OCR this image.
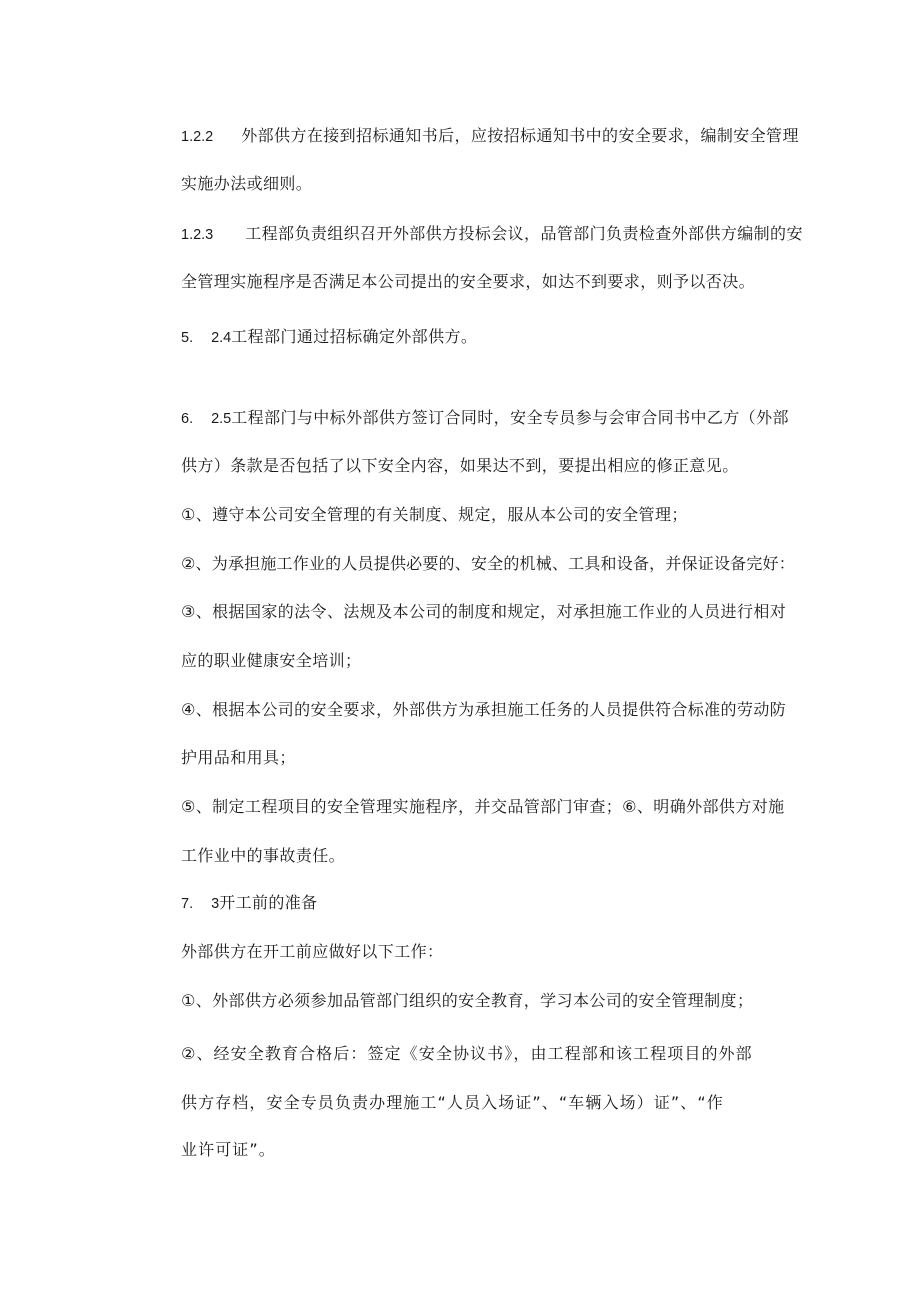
1.2.2 外部供方在接到招标通知书后，应按招标通知书中的安全要求，编制安全管理
实施办法或细则。
1.2.3 工程部负责组织召开外部供方投标会议，品管部门负责检查外部供方编制的安
全管理实施程序是否满足本公司提出的安全要求，如达不到要求，则予以否决。
5. 2.4工程部门通过招标确定外部供方。
6. 2.5工程部门与中标外部供方签订合同时，安全专员参与会审合同书中乙方（外部
供方）条款是否包括了以下安全内容，如果达不到，要提出相应的修正意见。
①、遵守本公司安全管理的有关制度、规定，服从本公司的安全管理；
②、为承担施工作业的人员提供必要的、安全的机械、工具和设备，并保证设备完好：
③、根据国家的法令、法规及本公司的制度和规定，对承担施工作业的人员进行相对
应的职业健康安全培训；
④、根据本公司的安全要求，外部供方为承担施工任务的人员提供符合标准的劳动防
护用品和用具；
⑤、制定工程项目的安全管理实施程序，并交品管部门审查；⑥、明确外部供方对施
工作业中的事故责任。
7. 3开工前的准备
外部供方在开工前应做好以下工作：
①、外部供方必须参加品管部门组织的安全教育，学习本公司的安全管理制度；
②、经安全教育合格后：签定《安全协议书》，由工程部和该工程项目的外部
供方存档，安全专员负责办理施工“人员入场证”、“车辆入场）证”、“作
业许可证”。
